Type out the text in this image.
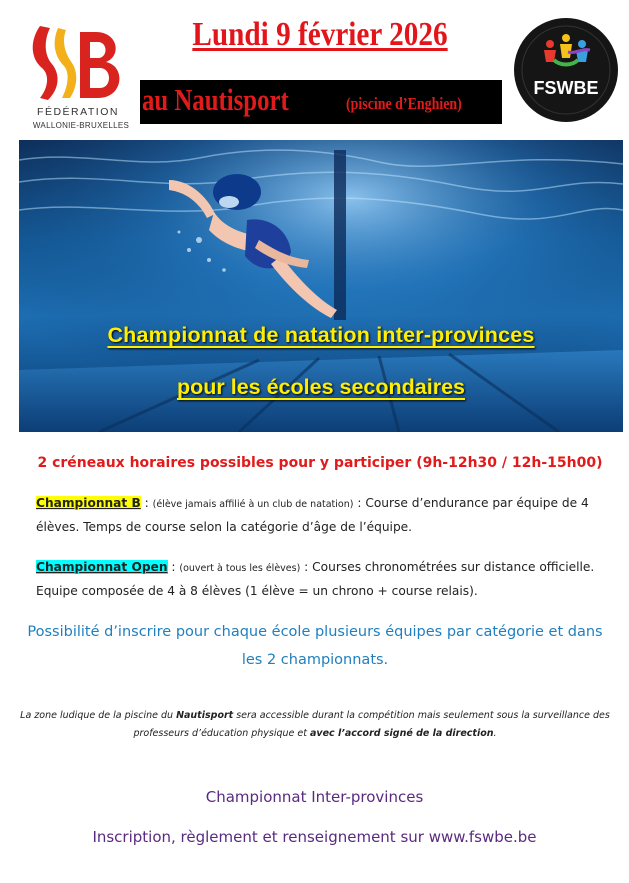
FÉDÉRATION
WALLONIE-BRUXELLES
Lundi 9 février 2026
au Nautisport	(piscine d’Enghien)
FSWBE
Championnat de natation inter-provinces
pour les écoles secondaires
2 créneaux horaires possibles pour y participer (9h-12h30 / 12h-15h00)
Championnat B : (élève jamais affilié à un club de natation) : Course d’endurance par équipe de 4 élèves. Temps de course selon la catégorie d’âge de l’équipe.
Championnat Open : (ouvert à tous les élèves) : Courses chronométrées sur distance officielle. Equipe composée de 4 à 8 élèves (1 élève = un chrono + course relais).
Possibilité d’inscrire pour chaque école plusieurs équipes par catégorie et dans les 2 championnats.
La zone ludique de la piscine du Nautisport sera accessible durant la compétition mais seulement sous la surveillance des professeurs d’éducation physique et avec l’accord signé de la direction.
Championnat Inter-provinces
Inscription, règlement et renseignement sur www.fswbe.be
